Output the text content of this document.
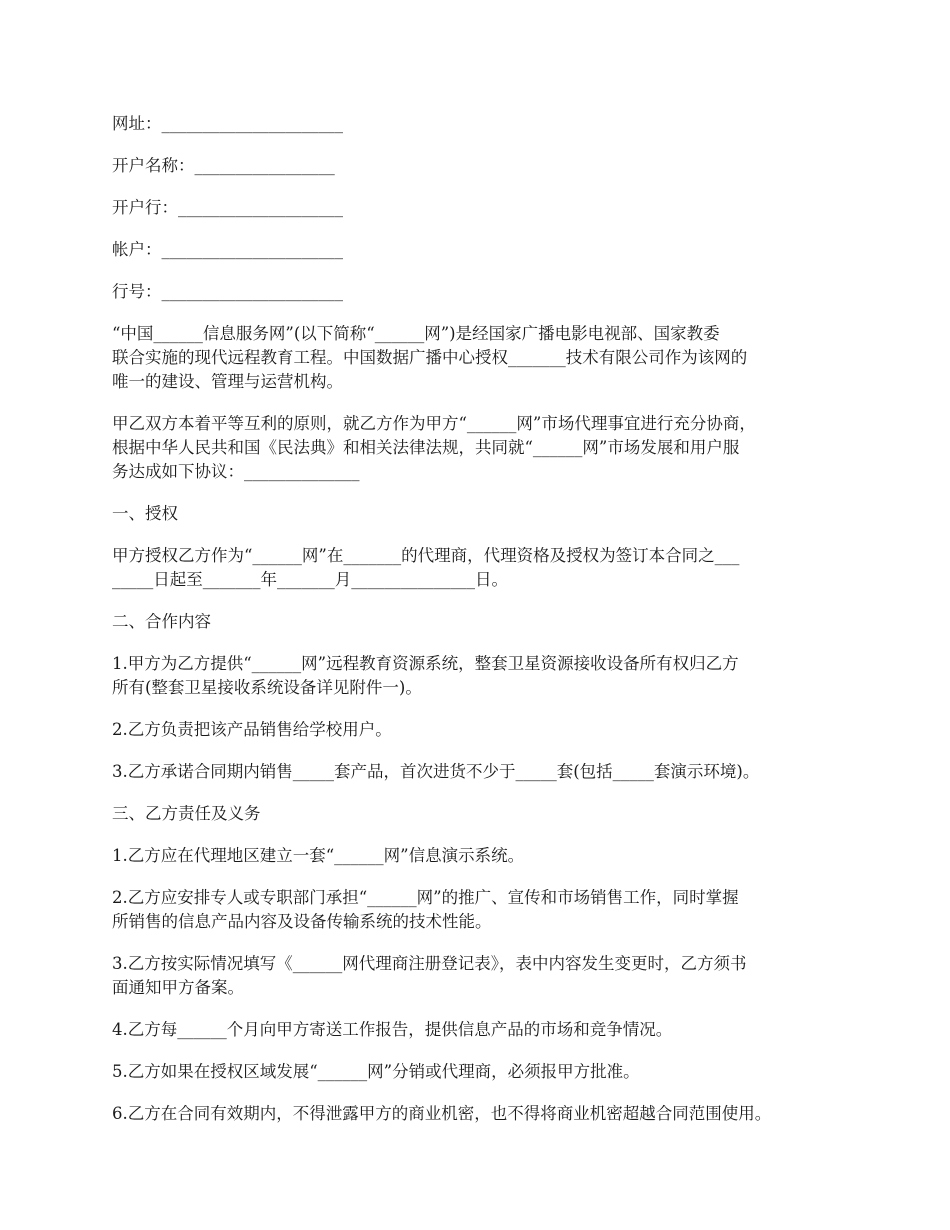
网址：______________________

开户名称：_________________

开户行：____________________

帐户：______________________

行号：______________________

“中国______信息服务网”(以下简称“______网”)是经国家广播电影电视部、国家教委
联合实施的现代远程教育工程。中国数据广播中心授权_______技术有限公司作为该网的
唯一的建设、管理与运营机构。

甲乙双方本着平等互利的原则，就乙方作为甲方“______网”市场代理事宜进行充分协商，
根据中华人民共和国《民法典》和相关法律法规，共同就“______网”市场发展和用户服
务达成如下协议：______________

一、授权

甲方授权乙方作为“______网”在_______的代理商，代理资格及授权为签订本合同之___
_____日起至_______年_______月_______________日。

二、合作内容

1.甲方为乙方提供“______网”远程教育资源系统，整套卫星资源接收设备所有权归乙方
所有(整套卫星接收系统设备详见附件一)。

2.乙方负责把该产品销售给学校用户。

3.乙方承诺合同期内销售_____套产品，首次进货不少于_____套(包括_____套演示环境)。

三、乙方责任及义务

1.乙方应在代理地区建立一套“______网”信息演示系统。

2.乙方应安排专人或专职部门承担“______网”的推广、宣传和市场销售工作，同时掌握
所销售的信息产品内容及设备传输系统的技术性能。

3.乙方按实际情况填写《______网代理商注册登记表》，表中内容发生变更时，乙方须书
面通知甲方备案。

4.乙方每______个月向甲方寄送工作报告，提供信息产品的市场和竞争情况。

5.乙方如果在授权区域发展“______网”分销或代理商，必须报甲方批准。

6.乙方在合同有效期内，不得泄露甲方的商业机密，也不得将商业机密超越合同范围使用。
